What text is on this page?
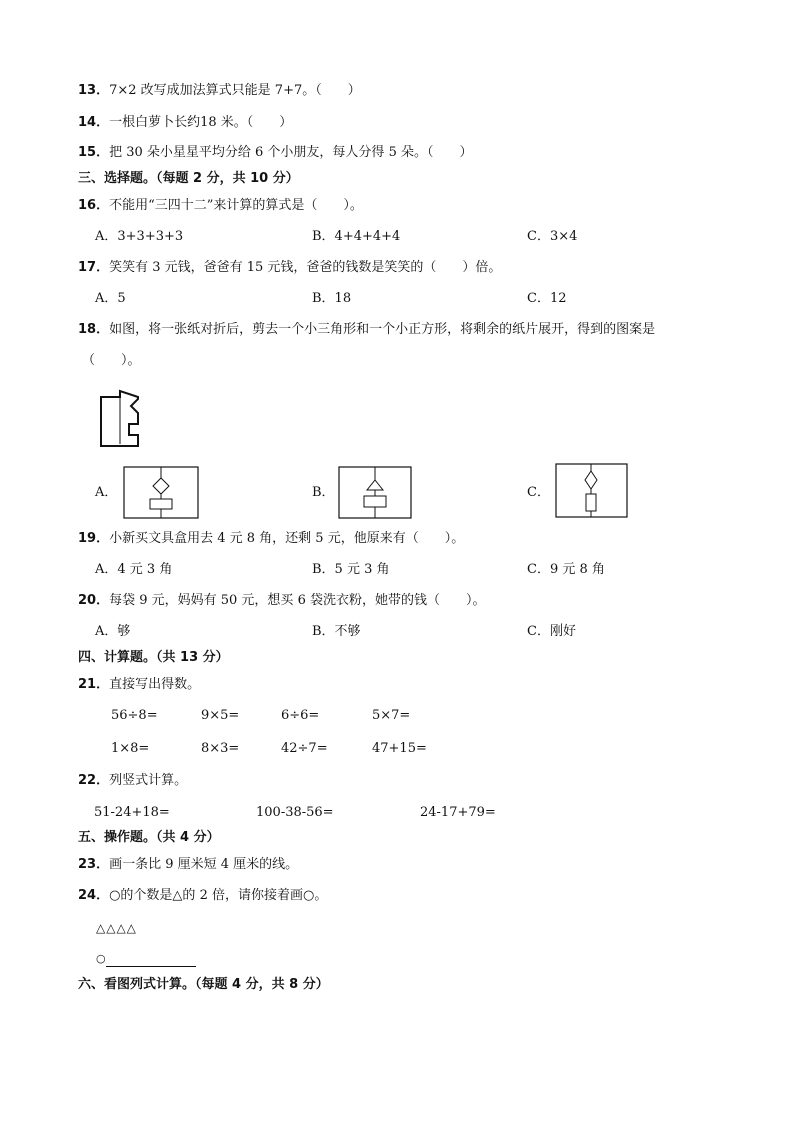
13．7×2 改写成加法算式只能是 7+7。（　　）
14．一根白萝卜长约18 米。（　　）
15．把 30 朵小星星平均分给 6 个小朋友，每人分得 5 朵。（　　）
三、选择题。（每题 2 分，共 10 分）
16．不能用“三四十二”来计算的算式是（　　）。
A．3+3+3+3	B．4+4+4+4	C．3×4
17．笑笑有 3 元钱，爸爸有 15 元钱，爸爸的钱数是笑笑的（　　）倍。
A．5	B．18	C．12
18．如图，将一张纸对折后，剪去一个小三角形和一个小正方形，将剩余的纸片展开，得到的图案是
（　　）。
A．	B．	C．
19．小新买文具盒用去 4 元 8 角，还剩 5 元，他原来有（　　）。
A．4 元 3 角	B．5 元 3 角	C．9 元 8 角
20．每袋 9 元，妈妈有 50 元，想买 6 袋洗衣粉，她带的钱（　　）。
A．够	B．不够	C．刚好
四、计算题。（共 13 分）
21．直接写出得数。
56÷8=	9×5=	6÷6=	5×7=
1×8=	8×3=	42÷7=	47+15=
22．列竖式计算。
51-24+18=	100-38-56=	24-17+79=
五、操作题。（共 4 分）
23．画一条比 9 厘米短 4 厘米的线。
24．○的个数是△的 2 倍，请你接着画○。
△△△△
○
六、看图列式计算。（每题 4 分，共 8 分）
